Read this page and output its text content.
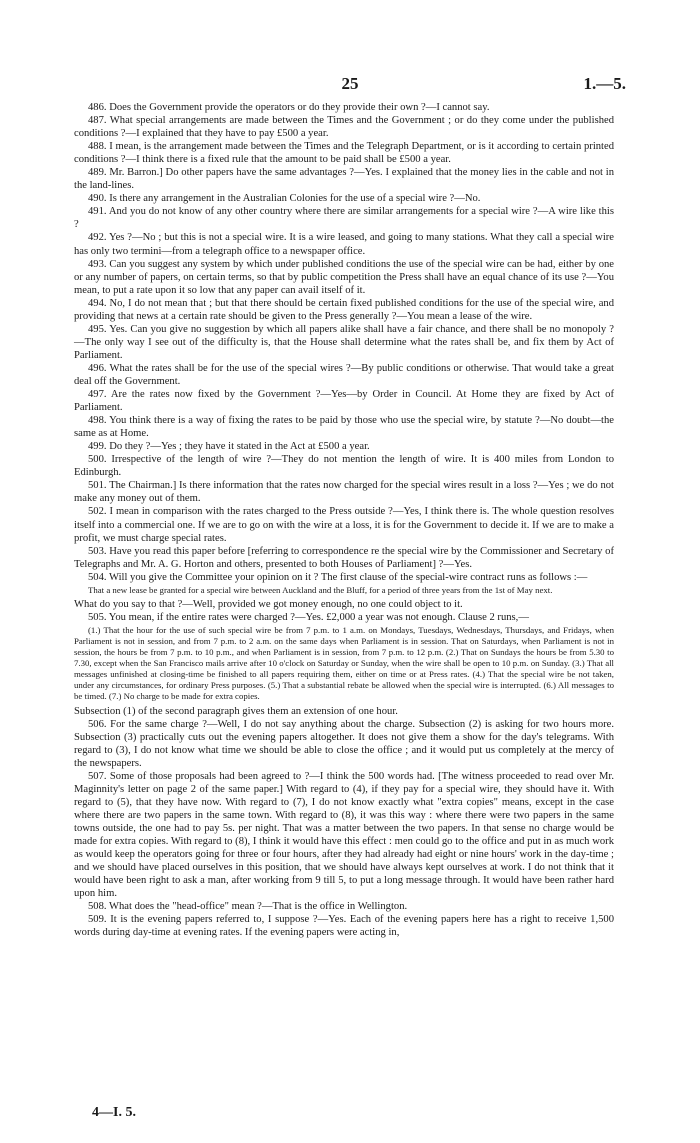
25	1.—5.

486. Does the Government provide the operators or do they provide their own ?—I cannot say.

487. What special arrangements are made between the Times and the Government ; or do they come under the published conditions ?—I explained that they have to pay £500 a year.

488. I mean, is the arrangement made between the Times and the Telegraph Department, or is it according to certain printed conditions ?—I think there is a fixed rule that the amount to be paid shall be £500 a year.

489. Mr. Barron.] Do other papers have the same advantages ?—Yes. I explained that the money lies in the cable and not in the land-lines.

490. Is there any arrangement in the Australian Colonies for the use of a special wire ?—No.

491. And you do not know of any other country where there are similar arrangements for a special wire ?—A wire like this ?

492. Yes ?—No ; but this is not a special wire. It is a wire leased, and going to many stations. What they call a special wire has only two termini—from a telegraph office to a newspaper office.

493. Can you suggest any system by which under published conditions the use of the special wire can be had, either by one or any number of papers, on certain terms, so that by public competition the Press shall have an equal chance of its use ?—You mean, to put a rate upon it so low that any paper can avail itself of it.

494. No, I do not mean that ; but that there should be certain fixed published conditions for the use of the special wire, and providing that news at a certain rate should be given to the Press generally ?—You mean a lease of the wire.

495. Yes. Can you give no suggestion by which all papers alike shall have a fair chance, and there shall be no monopoly ?—The only way I see out of the difficulty is, that the House shall determine what the rates shall be, and fix them by Act of Parliament.

496. What the rates shall be for the use of the special wires ?—By public conditions or otherwise. That would take a great deal off the Government.

497. Are the rates now fixed by the Government ?—Yes—by Order in Council. At Home they are fixed by Act of Parliament.

498. You think there is a way of fixing the rates to be paid by those who use the special wire, by statute ?—No doubt—the same as at Home.

499. Do they ?—Yes ; they have it stated in the Act at £500 a year.

500. Irrespective of the length of wire ?—They do not mention the length of wire. It is 400 miles from London to Edinburgh.

501. The Chairman.] Is there information that the rates now charged for the special wires result in a loss ?—Yes ; we do not make any money out of them.

502. I mean in comparison with the rates charged to the Press outside ?—Yes, I think there is. The whole question resolves itself into a commercial one. If we are to go on with the wire at a loss, it is for the Government to decide it. If we are to make a profit, we must charge special rates.

503. Have you read this paper before [referring to correspondence re the special wire by the Commissioner and Secretary of Telegraphs and Mr. A. G. Horton and others, presented to both Houses of Parliament] ?—Yes.

504. Will you give the Committee your opinion on it ? The first clause of the special-wire contract runs as follows :—

That a new lease be granted for a special wire between Auckland and the Bluff, for a period of three years from the 1st of May next.

What do you say to that ?—Well, provided we got money enough, no one could object to it.

505. You mean, if the entire rates were charged ?—Yes. £2,000 a year was not enough. Clause 2 runs,—

(1.) That the hour for the use of such special wire be from 7 p.m. to 1 a.m. on Mondays, Tuesdays, Wednesdays, Thursdays, and Fridays, when Parliament is not in session, and from 7 p.m. to 2 a.m. on the same days when Parliament is in session. That on Saturdays, when Parliament is not in session, the hours be from 7 p.m. to 10 p.m., and when Parliament is in session, from 7 p.m. to 12 p.m. (2.) That on Sundays the hours be from 5.30 to 7.30, except when the San Francisco mails arrive after 10 o'clock on Saturday or Sunday, when the wire shall be open to 10 p.m. on Sunday. (3.) That all messages unfinished at closing-time be finished to all papers requiring them, either on time or at Press rates. (4.) That the special wire be not taken, under any circumstances, for ordinary Press purposes. (5.) That a substantial rebate be allowed when the special wire is interrupted. (6.) All messages to be timed. (7.) No charge to be made for extra copies.

Subsection (1) of the second paragraph gives them an extension of one hour.

506. For the same charge ?—Well, I do not say anything about the charge. Subsection (2) is asking for two hours more. Subsection (3) practically cuts out the evening papers altogether. It does not give them a show for the day's telegrams. With regard to (3), I do not know what time we should be able to close the office ; and it would put us completely at the mercy of the newspapers.

507. Some of those proposals had been agreed to ?—I think the 500 words had. [The witness proceeded to read over Mr. Maginnity's letter on page 2 of the same paper.] With regard to (4), if they pay for a special wire, they should have it. With regard to (5), that they have now. With regard to (7), I do not know exactly what "extra copies" means, except in the case where there are two papers in the same town. With regard to (8), it was this way : where there were two papers in the same towns outside, the one had to pay 5s. per night. That was a matter between the two papers. In that sense no charge would be made for extra copies. With regard to (8), I think it would have this effect : men could go to the office and put in as much work as would keep the operators going for three or four hours, after they had already had eight or nine hours' work in the day-time ; and we should have placed ourselves in this position, that we should have always kept ourselves at work. I do not think that it would have been right to ask a man, after working from 9 till 5, to put a long message through. It would have been rather hard upon him.

508. What does the "head-office" mean ?—That is the office in Wellington.

509. It is the evening papers referred to, I suppose ?—Yes. Each of the evening papers here has a right to receive 1,500 words during day-time at evening rates. If the evening papers were acting in,

4—I. 5.
